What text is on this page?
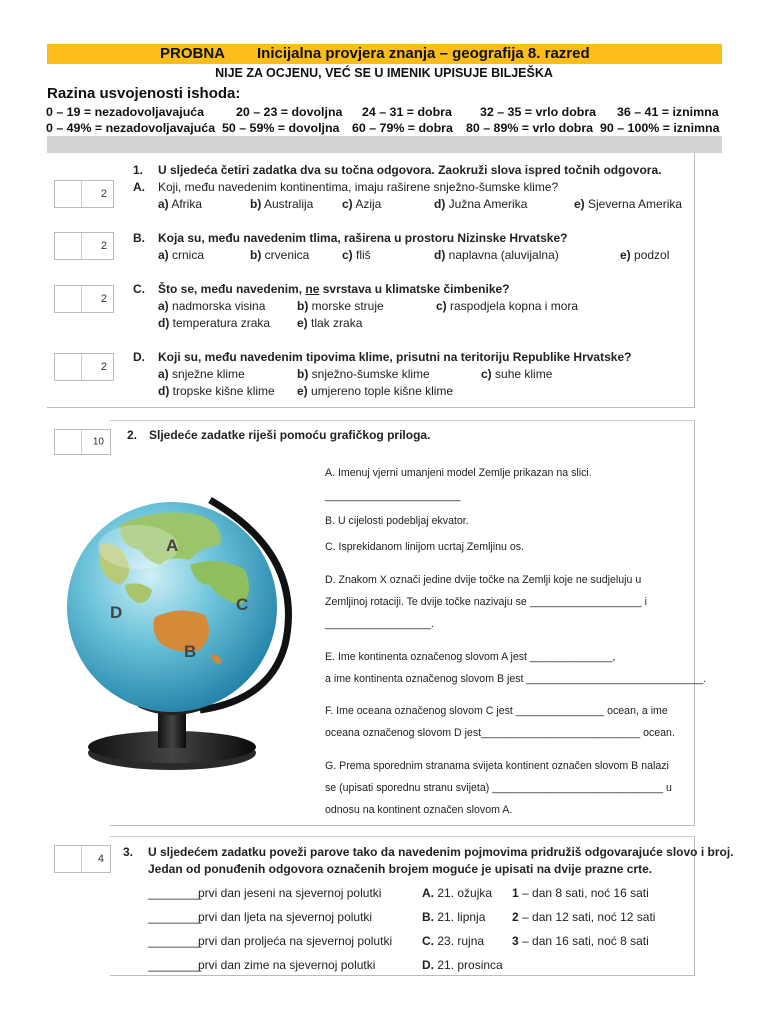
PROBNA Inicijalna provjera znanja – geografija 8. razred
NIJE ZA OCJENU, VEĆ SE U IMENIK UPISUJE BILJEŠKA
Razina usvojenosti ishoda:
0 – 19 = nezadovoljavajuća	20 – 23 = dovoljna 24 – 31 = dobra 32 – 35 = vrlo dobra 36 – 41 = iznimna
0 – 49% = nezadovoljavajuća 50 – 59% = dovoljna 60 – 79% = dobra 80 – 89% = vrlo dobra 90 – 100% = iznimna
1. U sljedeća četiri zadatka dva su točna odgovora. Zaokruži slova ispred točnih odgovora.
2 A. Koji, među navedenim kontinentima, imaju raširene snježno-šumske klime?
a) Afrika	b) Australija c) Azija	d) Južna Amerika	e) Sjeverna Amerika
2
B. Koja su, među navedenim tlima, raširena u prostoru Nizinske Hrvatske?
a) crnica	b) crvenica	c) fliš	d) naplavna (aluvijalna)	e) podzol
2
C. Što se, među navedenim, ne svrstava u klimatske čimbenike?
a) nadmorska visina	b) morske struje	c) raspodjela kopna i mora
d) temperatura zraka e) tlak zraka
2
D. Koji su, među navedenim tipovima klime, prisutni na teritoriju Republike Hrvatske?
a) snježne klime	b) snježno-šumske klime	c) suhe klime
d) tropske kišne klime e) umjereno tople kišne klime
10 2. Sljedeće zadatke riješi pomoću grafičkog priloga.
A. Imenuj vjerni umanjeni model Zemlje prikazan na slici.
_______________________
B. U cijelosti podebljaj ekvator.
C. Isprekidanom linijom ucrtaj Zemljinu os.
D. Znakom X označi jedine dvije točke na Zemlji koje ne sudjeluju u
Zemljinoj rotaciji. Te dvije točke nazivaju se ___________________ i
__________________.
E. Ime kontinenta označenog slovom A jest ______________,
a ime kontinenta označenog slovom B jest ______________________________.
F. Ime oceana označenog slovom C jest _______________ ocean, a ime
oceana označenog slovom D jest___________________________ ocean.
G. Prema sporednim stranama svijeta kontinent označen slovom B nalazi
se (upisati sporednu stranu svijeta) _____________________________ u
odnosu na kontinent označen slovom A.
A
C
D
B
4 3. U sljedećem zadatku poveži parove tako da navedenim pojmovima pridružiš odgovarajuće slovo i broj.
Jedan od ponuđenih odgovora označenih brojem moguće je upisati na dvije prazne crte.
________
prvi dan jeseni na sjevernoj polutki	A. 21. ožujka 1 – dan 8 sati, noć 16 sati
________
prvi dan ljeta na sjevernoj polutki	B. 21. lipnja 2 – dan 12 sati, noć 12 sati
________
prvi dan proljeća na sjevernoj polutki C. 23. rujna 3 – dan 16 sati, noć 8 sati
________
prvi dan zime na sjevernoj polutki	D. 21. prosinca
